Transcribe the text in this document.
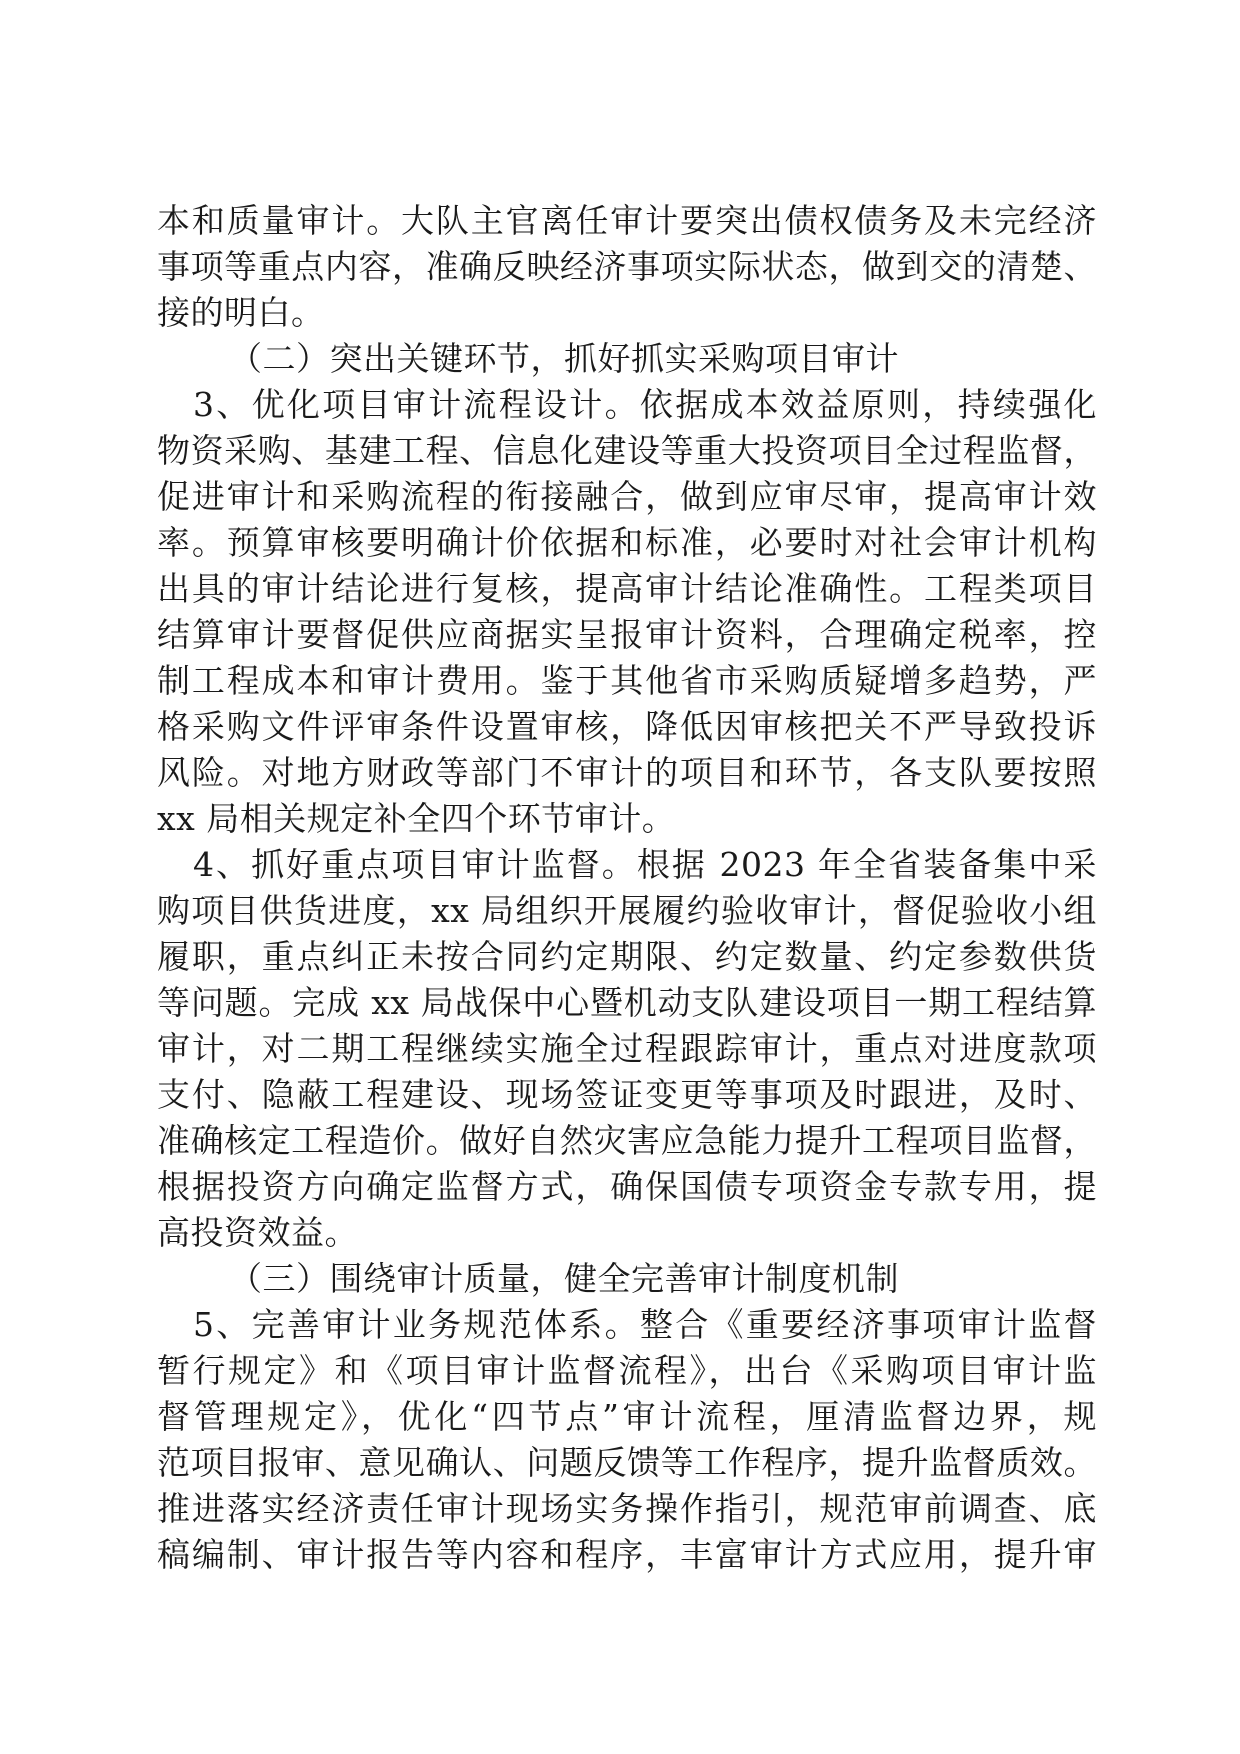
本和质量审计。大队主官离任审计要突出债权债务及未完经济
事项等重点内容，准确反映经济事项实际状态，做到交的清楚、
接的明白。
（二）突出关键环节，抓好抓实采购项目审计
3、优化项目审计流程设计。依据成本效益原则，持续强化
物资采购、基建工程、信息化建设等重大投资项目全过程监督，
促进审计和采购流程的衔接融合，做到应审尽审，提高审计效
率。预算审核要明确计价依据和标准，必要时对社会审计机构
出具的审计结论进行复核，提高审计结论准确性。工程类项目
结算审计要督促供应商据实呈报审计资料，合理确定税率，控
制工程成本和审计费用。鉴于其他省市采购质疑增多趋势，严
格采购文件评审条件设置审核，降低因审核把关不严导致投诉
风险。对地方财政等部门不审计的项目和环节，各支队要按照
xx 局相关规定补全四个环节审计。
4、抓好重点项目审计监督。根据 2023 年全省装备集中采
购项目供货进度，xx 局组织开展履约验收审计，督促验收小组
履职，重点纠正未按合同约定期限、约定数量、约定参数供货
等问题。完成 xx 局战保中心暨机动支队建设项目一期工程结算
审计，对二期工程继续实施全过程跟踪审计，重点对进度款项
支付、隐蔽工程建设、现场签证变更等事项及时跟进，及时、
准确核定工程造价。做好自然灾害应急能力提升工程项目监督，
根据投资方向确定监督方式，确保国债专项资金专款专用，提
高投资效益。
（三）围绕审计质量，健全完善审计制度机制
5、完善审计业务规范体系。整合《重要经济事项审计监督
暂行规定》和《项目审计监督流程》，出台《采购项目审计监
督管理规定》，优化“四节点”审计流程，厘清监督边界，规
范项目报审、意见确认、问题反馈等工作程序，提升监督质效。
推进落实经济责任审计现场实务操作指引，规范审前调查、底
稿编制、审计报告等内容和程序，丰富审计方式应用，提升审
